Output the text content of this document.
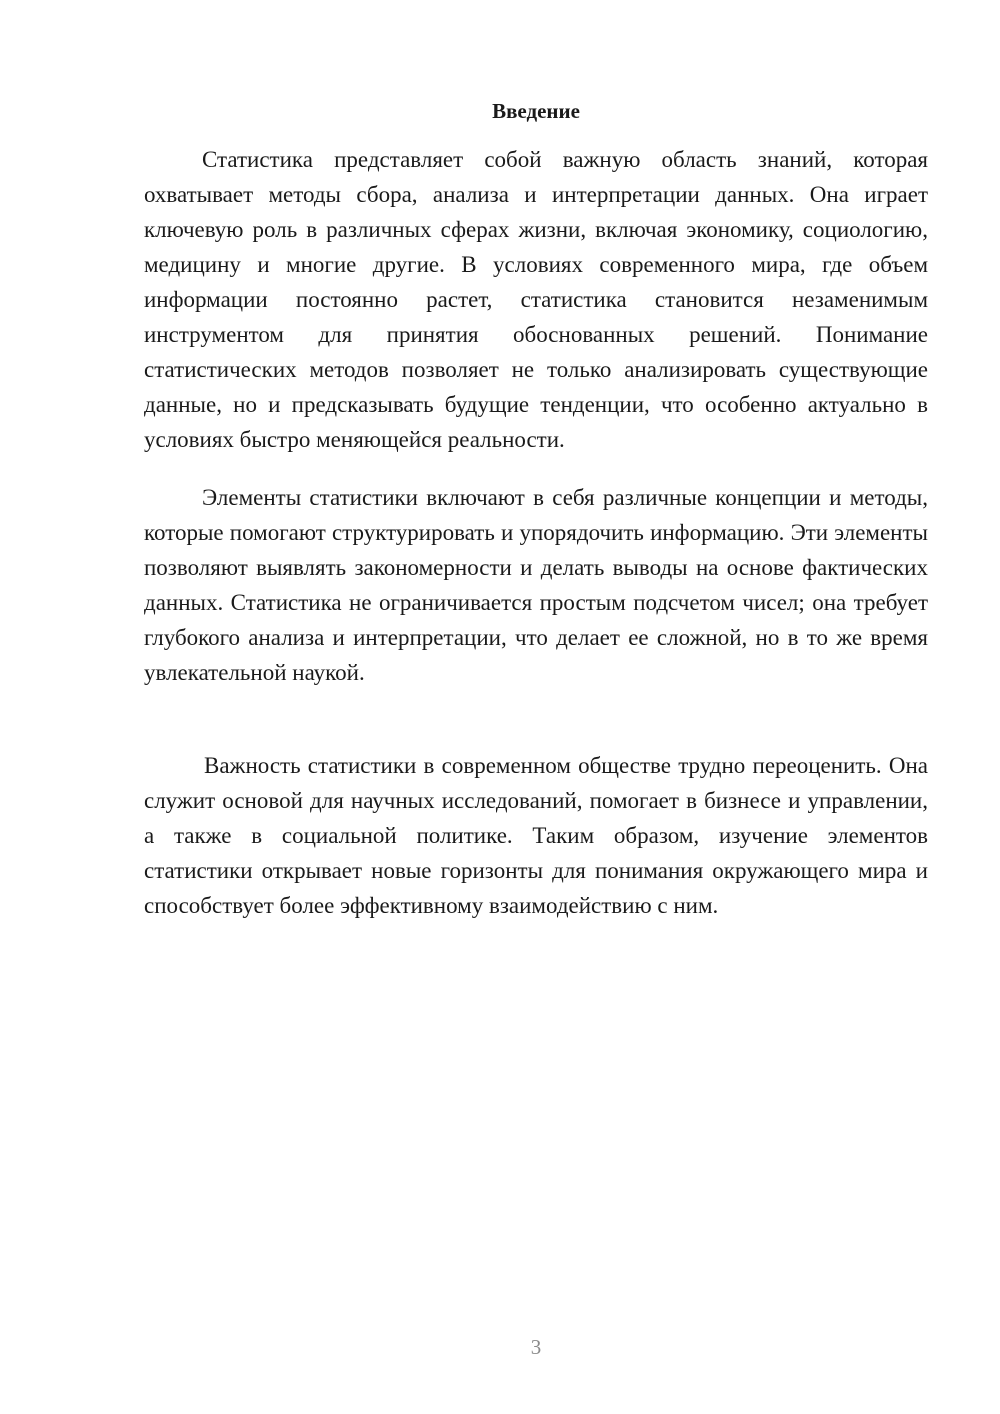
Введение

Статистика представляет собой важную область знаний, которая охватывает методы сбора, анализа и интерпретации данных. Она играет ключевую роль в различных сферах жизни, включая экономику, социологию, медицину и многие другие. В условиях современного мира, где объем информации постоянно растет, статистика становится незаменимым инструментом для принятия обоснованных решений. Понимание статистических методов позволяет не только анализировать существующие данные, но и предсказывать будущие тенденции, что особенно актуально в условиях быстро меняющейся реальности.

Элементы статистики включают в себя различные концепции и методы, которые помогают структурировать и упорядочить информацию. Эти элементы позволяют выявлять закономерности и делать выводы на основе фактических данных. Статистика не ограничивается простым подсчетом чисел; она требует глубокого анализа и интерпретации, что делает ее сложной, но в то же время увлекательной наукой.

Важность статистики в современном обществе трудно переоценить. Она служит основой для научных исследований, помогает в бизнесе и управлении, а также в социальной политике. Таким образом, изучение элементов статистики открывает новые горизонты для понимания окружающего мира и способствует более эффективному взаимодействию с ним.

3
